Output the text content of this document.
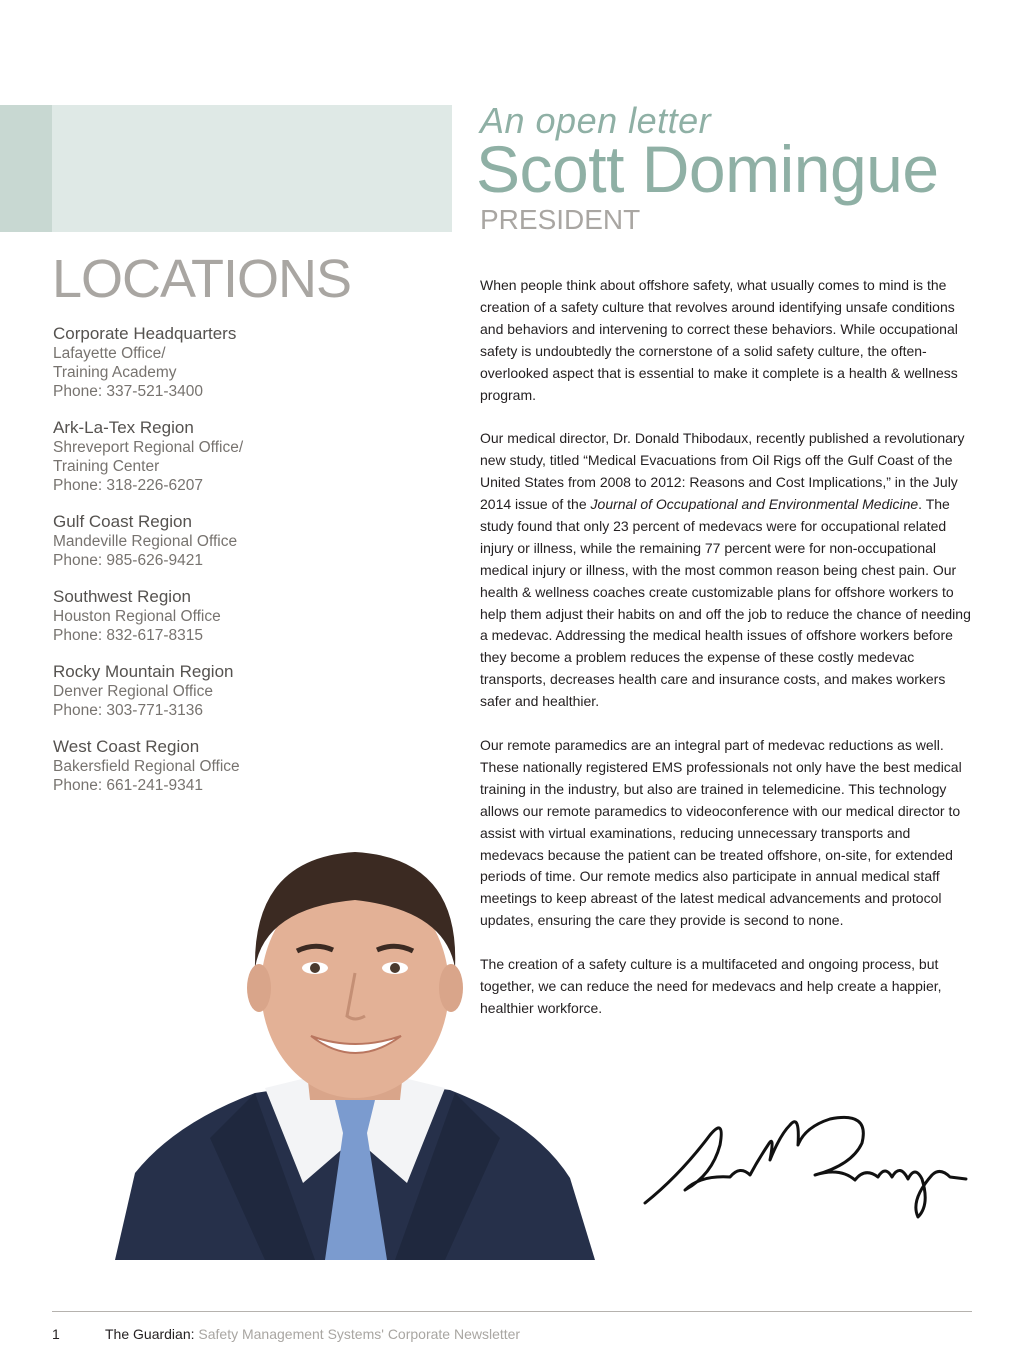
An open letter
Scott Domingue
PRESIDENT
LOCATIONS
Corporate Headquarters
Lafayette Office/
Training Academy
Phone: 337-521-3400
Ark-La-Tex Region
Shreveport Regional Office/
Training Center
Phone: 318-226-6207
Gulf Coast Region
Mandeville Regional Office
Phone: 985-626-9421
Southwest Region
Houston Regional Office
Phone: 832-617-8315
Rocky Mountain Region
Denver Regional Office
Phone: 303-771-3136
West Coast Region
Bakersfield Regional Office
Phone: 661-241-9341

When people think about offshore safety, what usually comes to mind is the creation of a safety culture that revolves around identifying unsafe conditions and behaviors and intervening to correct these behaviors. While occupational safety is undoubtedly the cornerstone of a solid safety culture, the often-overlooked aspect that is essential to make it complete is a health & wellness program.

Our medical director, Dr. Donald Thibodaux, recently published a revolutionary new study, titled “Medical Evacuations from Oil Rigs off the Gulf Coast of the United States from 2008 to 2012: Reasons and Cost Implications,” in the July 2014 issue of the Journal of Occupational and Environmental Medicine. The study found that only 23 percent of medevacs were for occupational related injury or illness, while the remaining 77 percent were for non-occupational medical injury or illness, with the most common reason being chest pain. Our health & wellness coaches create customizable plans for offshore workers to help them adjust their habits on and off the job to reduce the chance of needing a medevac. Addressing the medical health issues of offshore workers before they become a problem reduces the expense of these costly medevac transports, decreases health care and insurance costs, and makes workers safer and healthier.

Our remote paramedics are an integral part of medevac reductions as well. These nationally registered EMS professionals not only have the best medical training in the industry, but also are trained in telemedicine. This technology allows our remote paramedics to videoconference with our medical director to assist with virtual examinations, reducing unnecessary transports and medevacs because the patient can be treated offshore, on-site, for extended periods of time. Our remote medics also participate in annual medical staff meetings to keep abreast of the latest medical advancements and protocol updates, ensuring the care they provide is second to none.

The creation of a safety culture is a multifaceted and ongoing process, but together, we can reduce the need for medevacs and help create a happier, healthier workforce.

1	The Guardian: Safety Management Systems' Corporate Newsletter
